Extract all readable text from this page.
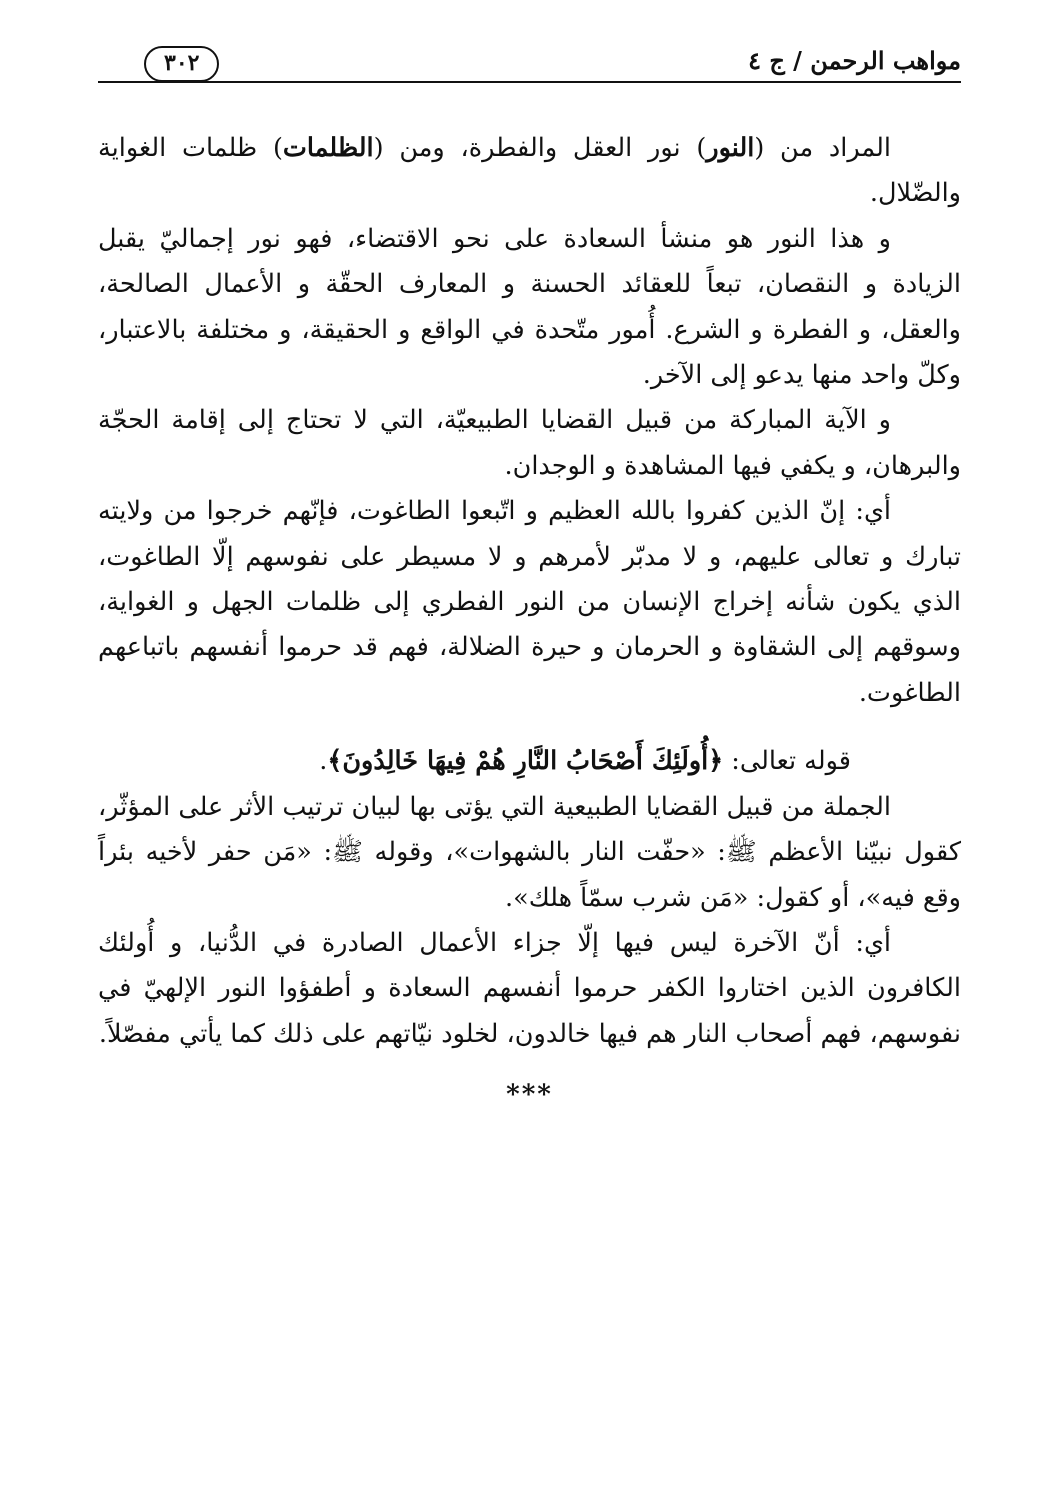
مواهب الرحمن / ج ٤
٣٠٢

المراد من (النور) نور العقل والفطرة، ومن (الظلمات) ظلمات الغواية والضّلال.

و هذا النور هو منشأ السعادة على نحو الاقتضاء، فهو نور إجماليّ يقبل الزيادة و النقصان، تبعاً للعقائد الحسنة و المعارف الحقّة و الأعمال الصالحة، والعقل، و الفطرة و الشرع. أُمور متّحدة في الواقع و الحقيقة، و مختلفة بالاعتبار، وكلّ واحد منها يدعو إلى الآخر.

و الآية المباركة من قبيل القضايا الطبيعيّة، التي لا تحتاج إلى إقامة الحجّة والبرهان، و يكفي فيها المشاهدة و الوجدان.

أي: إنّ الذين كفروا بالله العظيم و اتّبعوا الطاغوت، فإنّهم خرجوا من ولايته تبارك و تعالى عليهم، و لا مدبّر لأمرهم و لا مسيطر على نفوسهم إلّا الطاغوت، الذي يكون شأنه إخراج الإنسان من النور الفطري إلى ظلمات الجهل و الغواية، وسوقهم إلى الشقاوة و الحرمان و حيرة الضلالة، فهم قد حرموا أنفسهم باتباعهم الطاغوت.

قوله تعالى: ﴿أُولَئِكَ أَصْحَابُ النَّارِ هُمْ فِيهَا خَالِدُونَ﴾.

الجملة من قبيل القضايا الطبيعية التي يؤتى بها لبيان ترتيب الأثر على المؤثّر، كقول نبيّنا الأعظم ﷺ: «حفّت النار بالشهوات»، وقوله ﷺ: «مَن حفر لأخيه بئراً وقع فيه»، أو كقول: «مَن شرب سمّاً هلك».

أي: أنّ الآخرة ليس فيها إلّا جزاء الأعمال الصادرة في الدُّنيا، و أُولئك الكافرون الذين اختاروا الكفر حرموا أنفسهم السعادة و أطفؤوا النور الإلهيّ في نفوسهم، فهم أصحاب النار هم فيها خالدون، لخلود نيّاتهم على ذلك كما يأتي مفصّلاً.

***
